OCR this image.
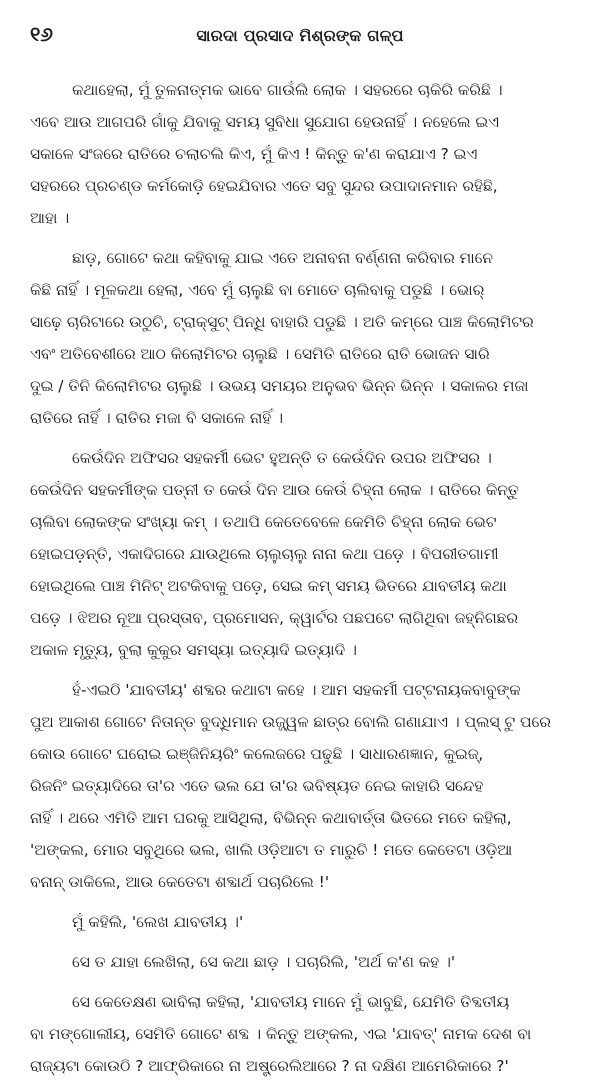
୧୬	ସାରଦା ପ୍ରସାଦ ମିଶ୍ରଙ୍କ ଗଳ୍ପ
କଥାହେଲା, ମୁଁ ତୁଳନାତ୍ମକ ଭାବେ ଗାଉଁଲି ଲୋକ । ସହରରେ ଚାକିରି କରିଛି ।
ଏବେ ଆଉ ଆଗପରି ଗାଁକୁ ଯିବାକୁ ସମୟ ସୁବିଧା ସୁଯୋଗ ହେଉନାହିଁ । ନହେଲେ ଇଏ
ସକାଳେ ସଂଜରେ ରାତିରେ ଚଲାଚଲି କିଏ, ମୁଁ କିଏ ! କିନ୍ତୁ କ'ଣ କରାଯାଏ ? ଇଏ
ସହରରେ ପ୍ରଚଣ୍ଡ କର୍ମକୋଡ଼ି ହେଇଯିବାର ଏତେ ସବୁ ସୁନ୍ଦର ଉପାଦାନମାନ ରହିଛି,
ଆହା ।
ଛାଡ଼, ଗୋଟେ କଥା କହିବାକୁ ଯାଇ ଏତେ ଅନାବନା ବର୍ଣ୍ଣନା କରିବାର ମାନେ
କିଛି ନାହିଁ । ମୂଳକଥା ହେଲା, ଏବେ ମୁଁ ଚାଲୁଛି ବା ମୋତେ ଚାଲିବାକୁ ପଡୁଛି । ଭୋର୍
ସାଢ଼େ ଚାରିଟାରେ ଉଠୁଚି, ଟ୍ରାକ୍‌ସୁଟ୍ ପିନ୍ଧି ବାହାରି ପଡୁଛି । ଅତି କମ୍‌ରେ ପାଞ୍ଚ କିଲୋମିଟର
ଏବଂ ଅତିବେଶୀରେ ଆଠ କିଲୋମିଟର ଚାଲୁଛି । ସେମିତି ରାତିରେ ରାତି ଭୋଜନ ସାରି
ଦୁଇ / ତିନି କିଲୋମିଟର ଚାଲୁଛି । ଉଭୟ ସମୟର ଅନୁଭବ ଭିନ୍ନ ଭିନ୍ନ । ସକାଳର ମଜା
ରାତିରେ ନାହିଁ । ରାତିର ମଜା ବି ସକାଳେ ନାହିଁ ।
କେଉଁଦିନ ଅଫିସର ସହକର୍ମୀ ଭେଟ ହୁଅନ୍ତି ତ କେଉଁଦିନ ଉପର ଅଫିସର ।
କେଉଁଦିନ ସହକର୍ମୀଙ୍କ ପତ୍ନୀ ତ କେଉଁ ଦିନ ଆଉ କେଉଁ ଚିହ୍ନା ଲୋକ । ରାତିରେ କିନ୍ତୁ
ଚାଲିବା ଲୋକଙ୍କ ସଂଖ୍ୟା କମ୍ । ତଥାପି କେତେବେଳେ କେମିତି ଚିହ୍ନା ଲୋକ ଭେଟ
ହୋଇପଡ଼ନ୍ତି, ଏକାଦିଗରେ ଯାଉଥିଲେ ଚାଲୁଚାଲୁ ନାନା କଥା ପଡ଼େ । ବିପରୀତଗାମୀ
ହୋଇଥିଲେ ପାଞ୍ଚ ମିନିଟ୍ ଅଟକିବାକୁ ପଡ଼େ, ସେଇ କମ୍ ସମୟ ଭିତରେ ଯାବତୀୟ କଥା
ପଡ଼େ । ଝିଅର ନୂଆ ପ୍ରସ୍ତାବ, ପ୍ରମୋସନ, କ୍ୱାର୍ଟର ପଛପଟେ ଲାଗିଥିବା ଜହ୍ନିଗଛର
ଅକାଳ ମୃତ୍ୟୁ, ବୁଲା କୁକୁର ସମସ୍ୟା ଇତ୍ୟାଦି ଇତ୍ୟାଦି ।
ହଁ-ଏଇଠି 'ଯାବତୀୟ' ଶବ୍ଦର କଥାଟା କହେ । ଆମ ସହକର୍ମୀ ପଟ୍ଟନାୟକବାବୁଙ୍କ
ପୁଅ ଆକାଶ ଗୋଟେ ନିତାନ୍ତ ବୁଦ୍ଧିମାନ ଉଜ୍ଜ୍ୱଳ ଛାତ୍ର ବୋଲି ଗଣାଯାଏ । ପ୍ଲସ୍ ଟୁ ପରେ
କୋଉ ଗୋଟେ ଘରୋଇ ଇଞ୍ଜିନିୟରିଂ କଲେଜରେ ପଢୁଛି । ସାଧାରଣଜ୍ଞାନ, କୁଇଜ୍,
ରିଜନିଂ ଇତ୍ୟାଦିରେ ତା'ର ଏତେ ଭଲ ଯେ ତା'ର ଭବିଷ୍ୟତ ନେଇ କାହାରି ସନ୍ଦେହ
ନାହିଁ । ଥରେ ଏମିତି ଆମ ଘରକୁ ଆସିଥିଲା, ବିଭିନ୍ନ କଥାବାର୍ତ୍ତା ଭିତରେ ମତେ କହିଲା,
'ଅଙ୍କଲ, ମୋର ସବୁଥିରେ ଭଲ, ଖାଲି ଓଡ଼ିଆଟା ତ ମାରୁଚି ! ମତେ କେତେଟା ଓଡ଼ିଆ
ବନାନ୍ ଡାକିଲେ, ଆଉ କେତେଟା ଶବ୍ଦାର୍ଥ ପଚାରିଲେ !'
ମୁଁ କହିଲି, 'ଲେଖ ଯାବତୀୟ ।'
ସେ ତ ଯାହା ଲେଖିଲା, ସେ କଥା ଛାଡ଼ । ପଚାରିଲି, 'ଅର୍ଥ କ'ଣ କହ ।'
ସେ କେତେକ୍ଷଣ ଭାବିଲା କହିଲା, 'ଯାବତୀୟ ମାନେ ମୁଁ ଭାବୁଛି, ଯେମିତି ତିବ୍ଦତୀୟ
ବା ମଙ୍ଗୋଲୀୟ, ସେମିତି ଗୋଟେ ଶବ୍ଦ । କିନ୍ତୁ ଅଙ୍କଲ, ଏଇ 'ଯାବତ୍' ନାମକ ଦେଶ ବା
ରାଜ୍ୟଟା କୋଉଠି ? ଆଫ୍ରିକାରେ ନା ଅଷ୍ଟ୍ରେଲିଆରେ ? ନା ଦକ୍ଷିଣ ଆମେରିକାରେ ?'
